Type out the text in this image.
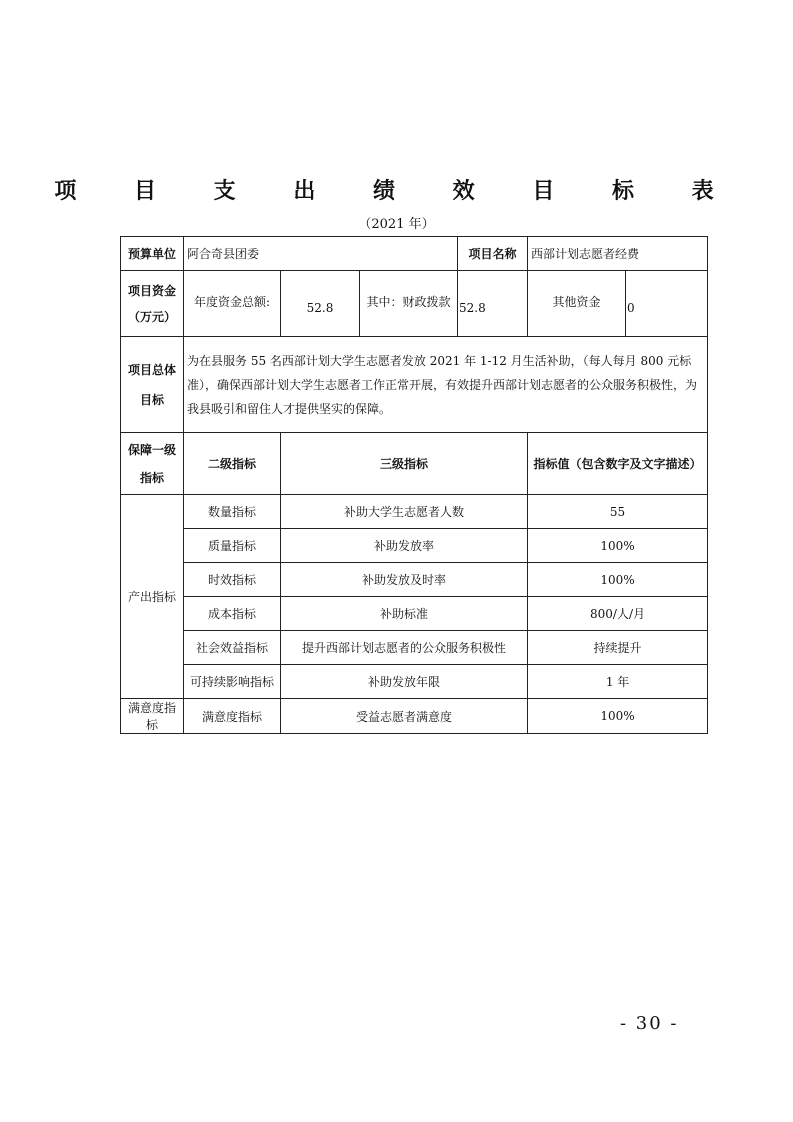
项 目 支 出 绩 效 目 标 表
（2021 年）
预算单位	阿合奇县团委			项目名称	西部计划志愿者经费	
项目资金（万元）	年度资金总额:	52.8	其中：财政拨款	52.8	其他资金	0
项目总体目标	为在县服务 55 名西部计划大学生志愿者发放 2021 年 1-12 月生活补助，（每人每月 800 元标准），确保西部计划大学生志愿者工作正常开展，有效提升西部计划志愿者的公众服务积极性，为我县吸引和留住人才提供坚实的保障。					
保障一级指标	二级指标	三级指标			指标值（包含数字及文字描述）	
产出指标	数量指标	补助大学生志愿者人数			55	
	质量指标	补助发放率			100%	
	时效指标	补助发放及时率			100%	
	成本指标	补助标准			800/人/月	
	社会效益指标	提升西部计划志愿者的公众服务积极性			持续提升	
	可持续影响指标	补助发放年限			1 年	
满意度指标	满意度指标	受益志愿者满意度			100%	
- 30 -
